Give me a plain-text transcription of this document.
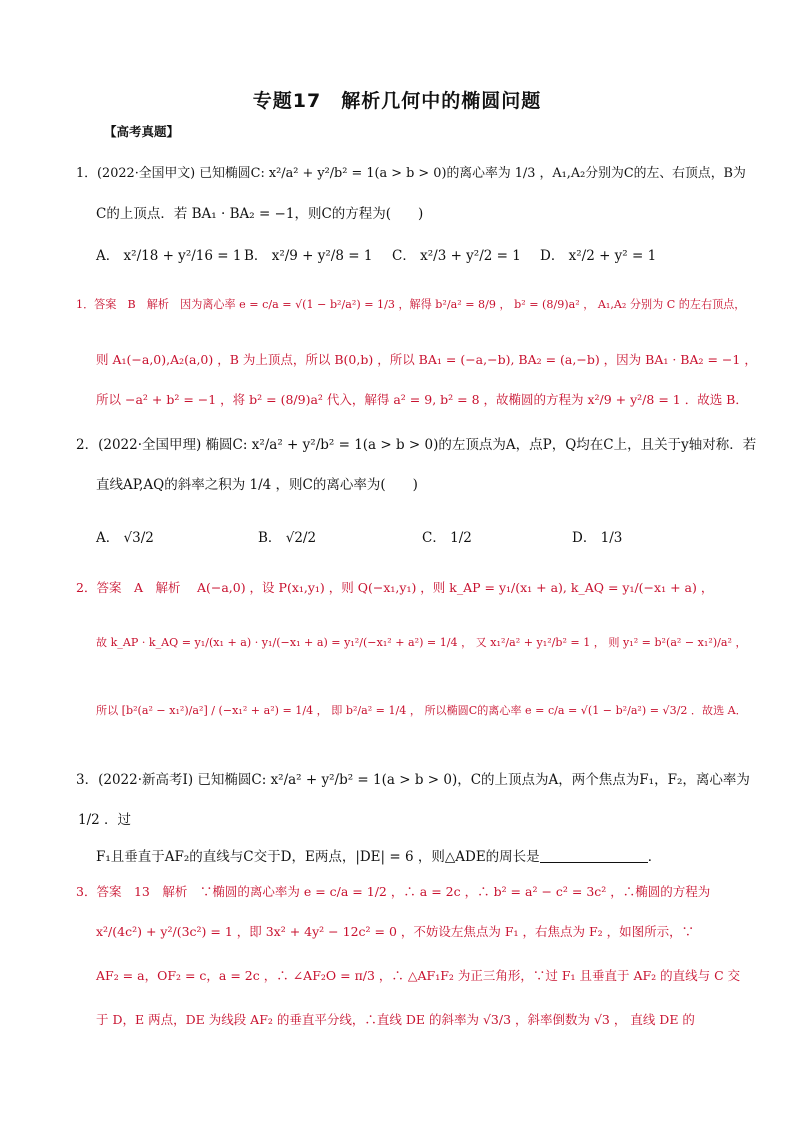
专题17　解析几何中的椭圆问题
【高考真题】
1．(2022·全国甲文) 已知椭圆C: x²/a² + y²/b² = 1(a > b > 0)的离心率为 1/3 ，A₁,A₂分别为C的左、右顶点，B为
C的上顶点．若 BA₁ · BA₂ = −1，则C的方程为(　　)
A． x²/18 + y²/16 = 1 B． x²/9 + y²/8 = 1 C． x²/3 + y²/2 = 1 D． x²/2 + y² = 1
1．答案　B　解析　因为离心率 e = c/a = √(1 − b²/a²) = 1/3 ，解得 b²/a² = 8/9 ， b² = (8/9)a² ， A₁,A₂ 分别为 C 的左右顶点，
则 A₁(−a,0),A₂(a,0) ，B 为上顶点，所以 B(0,b) ，所以 BA₁ = (−a,−b), BA₂ = (a,−b) ，因为 BA₁ · BA₂ = −1 ，
所以 −a² + b² = −1 ，将 b² = (8/9)a² 代入，解得 a² = 9, b² = 8 ，故椭圆的方程为 x²/9 + y²/8 = 1 ．故选 B．
2．(2022·全国甲理) 椭圆C: x²/a² + y²/b² = 1(a > b > 0)的左顶点为A，点P，Q均在C上，且关于y轴对称．若
直线AP,AQ的斜率之积为 1/4 ，则C的离心率为(　　)
A． √3/2	B． √2/2	C． 1/2	D． 1/3
2．答案　A　解析　 A(−a,0) ，设 P(x₁,y₁) ，则 Q(−x₁,y₁) ，则 k_AP = y₁/(x₁ + a), k_AQ = y₁/(−x₁ + a) ，
故 k_AP · k_AQ = y₁/(x₁ + a) · y₁/(−x₁ + a) = y₁²/(−x₁² + a²) = 1/4 ， 又 x₁²/a² + y₁²/b² = 1 ， 则 y₁² = b²(a² − x₁²)/a² ，
所以 [b²(a² − x₁²)/a²] / (−x₁² + a²) = 1/4 ， 即 b²/a² = 1/4 ， 所以椭圆C的离心率 e = c/a = √(1 − b²/a²) = √3/2 ．故选 A．
3．(2022·新高考Ⅰ) 已知椭圆C: x²/a² + y²/b² = 1(a > b > 0)，C的上顶点为A，两个焦点为F₁，F₂，离心率为
1/2 ．过
F₁且垂直于AF₂的直线与C交于D，E两点，|DE| = 6 ，则△ADE的周长是	．
3．答案　13　解析　∵椭圆的离心率为 e = c/a = 1/2 ，∴ a = 2c ，∴ b² = a² − c² = 3c² ，∴椭圆的方程为
x²/(4c²) + y²/(3c²) = 1 ，即 3x² + 4y² − 12c² = 0 ，不妨设左焦点为 F₁ ，右焦点为 F₂ ，如图所示，∵
AF₂ = a，OF₂ = c，a = 2c ，∴ ∠AF₂O = π/3 ，∴ △AF₁F₂ 为正三角形，∵过 F₁ 且垂直于 AF₂ 的直线与 C 交
于 D，E 两点，DE 为线段 AF₂ 的垂直平分线，∴直线 DE 的斜率为 √3/3 ，斜率倒数为 √3 ， 直线 DE 的
